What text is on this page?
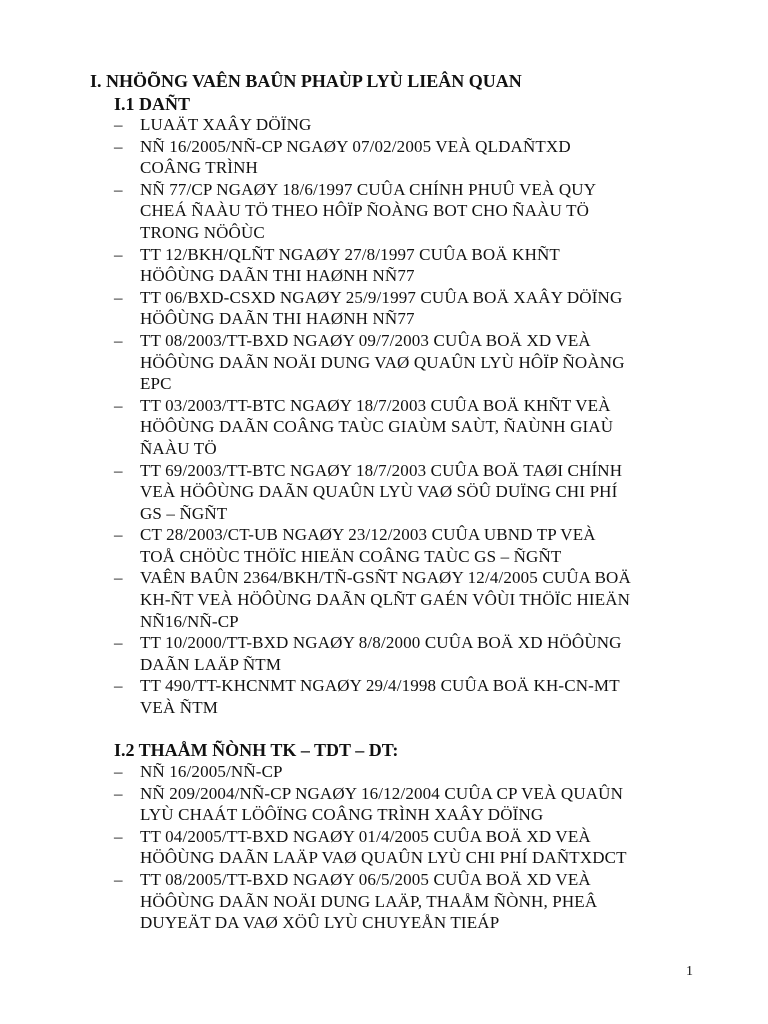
I. NHÖÕNG VAÊN BAÛN PHAÙP LYÙ LIEÂN QUAN
I.1 DAÑT
– LUAÄT XAÂY DÖÏNG
– NÑ 16/2005/NÑ-CP NGAØY 07/02/2005 VEÀ QLDAÑTXD
COÂNG TRÌNH
– NÑ 77/CP NGAØY 18/6/1997 CUÛA CHÍNH PHUÛ VEÀ QUY
CHEÁ ÑAÀU TÖ THEO HÔÏP ÑOÀNG BOT CHO ÑAÀU TÖ
TRONG NÖÔÙC
– TT 12/BKH/QLÑT NGAØY 27/8/1997 CUÛA BOÄ KHÑT
HÖÔÙNG DAÃN THI HAØNH NÑ77
– TT 06/BXD-CSXD NGAØY 25/9/1997 CUÛA BOÄ XAÂY DÖÏNG
HÖÔÙNG DAÃN THI HAØNH NÑ77
– TT 08/2003/TT-BXD NGAØY 09/7/2003 CUÛA BOÄ XD VEÀ
HÖÔÙNG DAÃN NOÄI DUNG VAØ QUAÛN LYÙ HÔÏP ÑOÀNG
EPC
– TT 03/2003/TT-BTC NGAØY 18/7/2003 CUÛA BOÄ KHÑT VEÀ
HÖÔÙNG DAÃN COÂNG TAÙC GIAÙM SAÙT, ÑAÙNH GIAÙ
ÑAÀU TÖ
– TT 69/2003/TT-BTC NGAØY 18/7/2003 CUÛA BOÄ TAØI CHÍNH
VEÀ HÖÔÙNG DAÃN QUAÛN LYÙ VAØ SÖÛ DUÏNG CHI PHÍ
GS – ÑGÑT
– CT 28/2003/CT-UB NGAØY 23/12/2003 CUÛA UBND TP VEÀ
TOÅ CHÖÙC THÖÏC HIEÄN COÂNG TAÙC GS – ÑGÑT
– VAÊN BAÛN 2364/BKH/TÑ-GSÑT NGAØY 12/4/2005 CUÛA BOÄ
KH-ÑT VEÀ HÖÔÙNG DAÃN QLÑT GAÉN VÔÙI THÖÏC HIEÄN
NÑ16/NÑ-CP
– TT 10/2000/TT-BXD NGAØY 8/8/2000 CUÛA BOÄ XD HÖÔÙNG
DAÃN LAÄP ÑTM
– TT 490/TT-KHCNMT NGAØY 29/4/1998 CUÛA BOÄ KH-CN-MT
VEÀ ÑTM
I.2 THAÅM ÑÒNH TK – TDT – DT:
– NÑ 16/2005/NÑ-CP
– NÑ 209/2004/NÑ-CP NGAØY 16/12/2004 CUÛA CP VEÀ QUAÛN
LYÙ CHAÁT LÖÔÏNG COÂNG TRÌNH XAÂY DÖÏNG
– TT 04/2005/TT-BXD NGAØY 01/4/2005 CUÛA BOÄ XD VEÀ
HÖÔÙNG DAÃN LAÄP VAØ QUAÛN LYÙ CHI PHÍ DAÑTXDCT
– TT 08/2005/TT-BXD NGAØY 06/5/2005 CUÛA BOÄ XD VEÀ
HÖÔÙNG DAÃN NOÄI DUNG LAÄP, THAÅM ÑÒNH, PHEÂ
DUYEÄT DA VAØ XÖÛ LYÙ CHUYEÅN TIEÁP
1
